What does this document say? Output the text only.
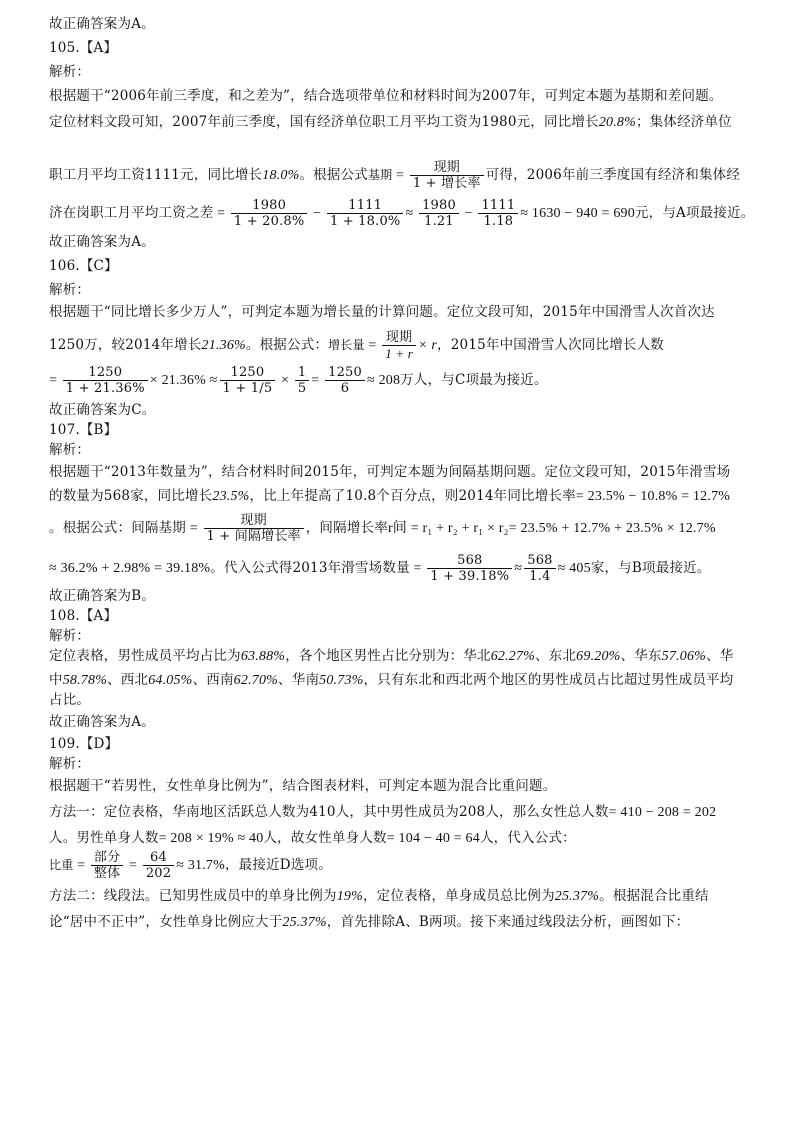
故正确答案为A。
105.【A】
解析：
根据题干“2006年前三季度，和之差为”，结合选项带单位和材料时间为2007年，可判定本题为基期和差问题。
定位材料文段可知，2007年前三季度，国有经济单位职工月平均工资为1980元，同比增长20.8%；集体经济单位
职工月平均工资1111元，同比增长18.0%。根据公式基期 = $\frac{\text{现期}}{\text{1 + 增长率}}$ 可得，2006年前三季度国有经济和集体经
济在岗职工月平均工资之差 = $\frac{1980}{1 + 20.8\%} - \frac{1111}{1 + 18.0\%} \approx \frac{1980}{1.21} - \frac{1111}{1.18} \approx 1630 - 940 = 690$元，与A项最接近。
故正确答案为A。
106.【C】
解析：
根据题干“同比增长多少万人”，可判定本题为增长量的计算问题。定位文段可知，2015年中国滑雪人次首次达
1250万，较2014年增长21.36%。根据公式：增长量 = $\frac{\text{现期}}{1 + r} \times r$，2015年中国滑雪人次同比增长人数
= $\frac{1250}{1 + 21.36\%} \times 21.36\% \approx \frac{1250}{1 + 1/5} \times \frac{1}{5} = \frac{1250}{6} \approx 208$万人，与C项最为接近。
故正确答案为C。
107.【B】
解析：
根据题干“2013年数量为”，结合材料时间2015年，可判定本题为间隔基期问题。定位文段可知，2015年滑雪场
的数量为568家，同比增长23.5%，比上年提高了10.8个百分点，则2014年同比增长率= 23.5% − 10.8% = 12.7%
。根据公式：间隔基期 = $\frac{\text{现期}}{\text{1 + 间隔增长率}}$ ，间隔增长率r间 = r₁ + r₂ + r₁ × r₂= 23.5% + 12.7% + 23.5% × 12.7%
≈ 36.2% + 2.98% = 39.18%。代入公式得2013年滑雪场数量 = $\frac{568}{1 + 39.18\%} \approx \frac{568}{1.4} \approx 405$家，与B项最接近。
故正确答案为B。
108.【A】
解析：
定位表格，男性成员平均占比为63.88%，各个地区男性占比分别为：华北62.27%、东北69.20%、华东57.06%、华
中58.78%、西北64.05%、西南62.70%、华南50.73%，只有东北和西北两个地区的男性成员占比超过男性成员平均
占比。
故正确答案为A。
109.【D】
解析：
根据题干“若男性，女性单身比例为”，结合图表材料，可判定本题为混合比重问题。
方法一：定位表格，华南地区活跃总人数为410人，其中男性成员为208人，那么女性总人数= 410 − 208 = 202
人。男性单身人数= 208 × 19% ≈ 40人，故女性单身人数= 104 − 40 = 64人，代入公式：
比重 = $\frac{\text{部分}}{\text{整体}} = \frac{64}{202} \approx 31.7\%$，最接近D选项。
方法二：线段法。已知男性成员中的单身比例为19%，定位表格，单身成员总比例为25.37%。根据混合比重结
论“居中不正中”，女性单身比例应大于25.37%，首先排除A、B两项。接下来通过线段法分析，画图如下：
